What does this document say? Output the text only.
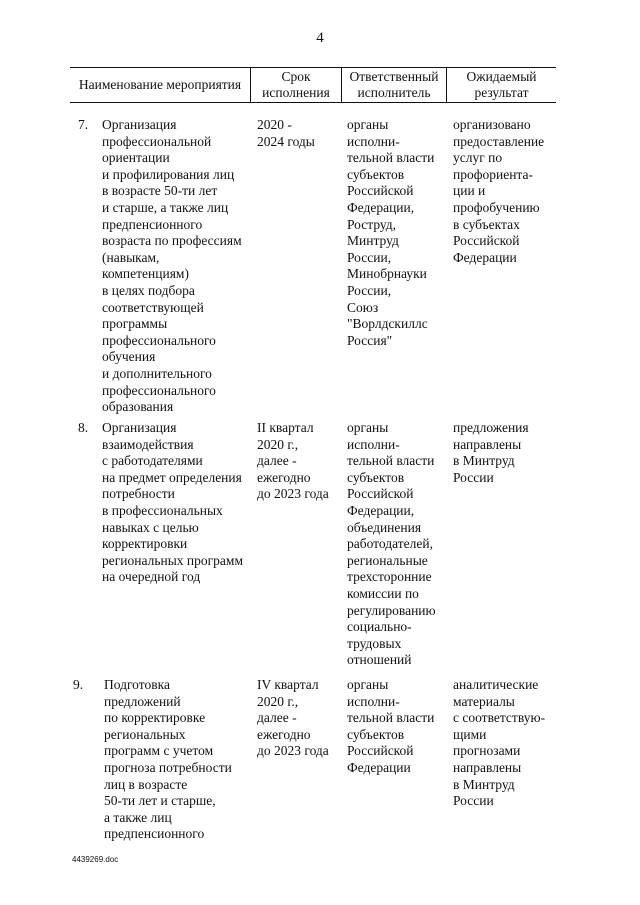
4
Наименование мероприятия
Срок
исполнения
Ответственный
исполнитель
Ожидаемый
результат
7. Организация
профессиональной
ориентации
и профилирования лиц
в возрасте 50-ти лет
и старше, а также лиц
предпенсионного
возраста по профессиям
(навыкам,
компетенциям)
в целях подбора
соответствующей
программы
профессионального
обучения
и дополнительного
профессионального
образования
2020 -
2024 годы
органы
исполни-
тельной власти
субъектов
Российской
Федерации,
Роструд,
Минтруд
России,
Минобрнауки
России,
Союз
"Ворлдскиллс
Россия"
организовано
предоставление
услуг по
профориента-
ции и
профобучению
в субъектах
Российской
Федерации
8. Организация
взаимодействия
с работодателями
на предмет определения
потребности
в профессиональных
навыках с целью
корректировки
региональных программ
на очередной год
II квартал
2020 г.,
далее -
ежегодно
до 2023 года
органы
исполни-
тельной власти
субъектов
Российской
Федерации,
объединения
работодателей,
региональные
трехсторонние
комиссии по
регулированию
социально-
трудовых
отношений
предложения
направлены
в Минтруд
России
9. Подготовка
предложений
по корректировке
региональных
программ с учетом
прогноза потребности
лиц в возрасте
50-ти лет и старше,
а также лиц
предпенсионного
IV квартал
2020 г.,
далее -
ежегодно
до 2023 года
органы
исполни-
тельной власти
субъектов
Российской
Федерации
аналитические
материалы
с соответствую-
щими
прогнозами
направлены
в Минтруд
России
4439269.doc
